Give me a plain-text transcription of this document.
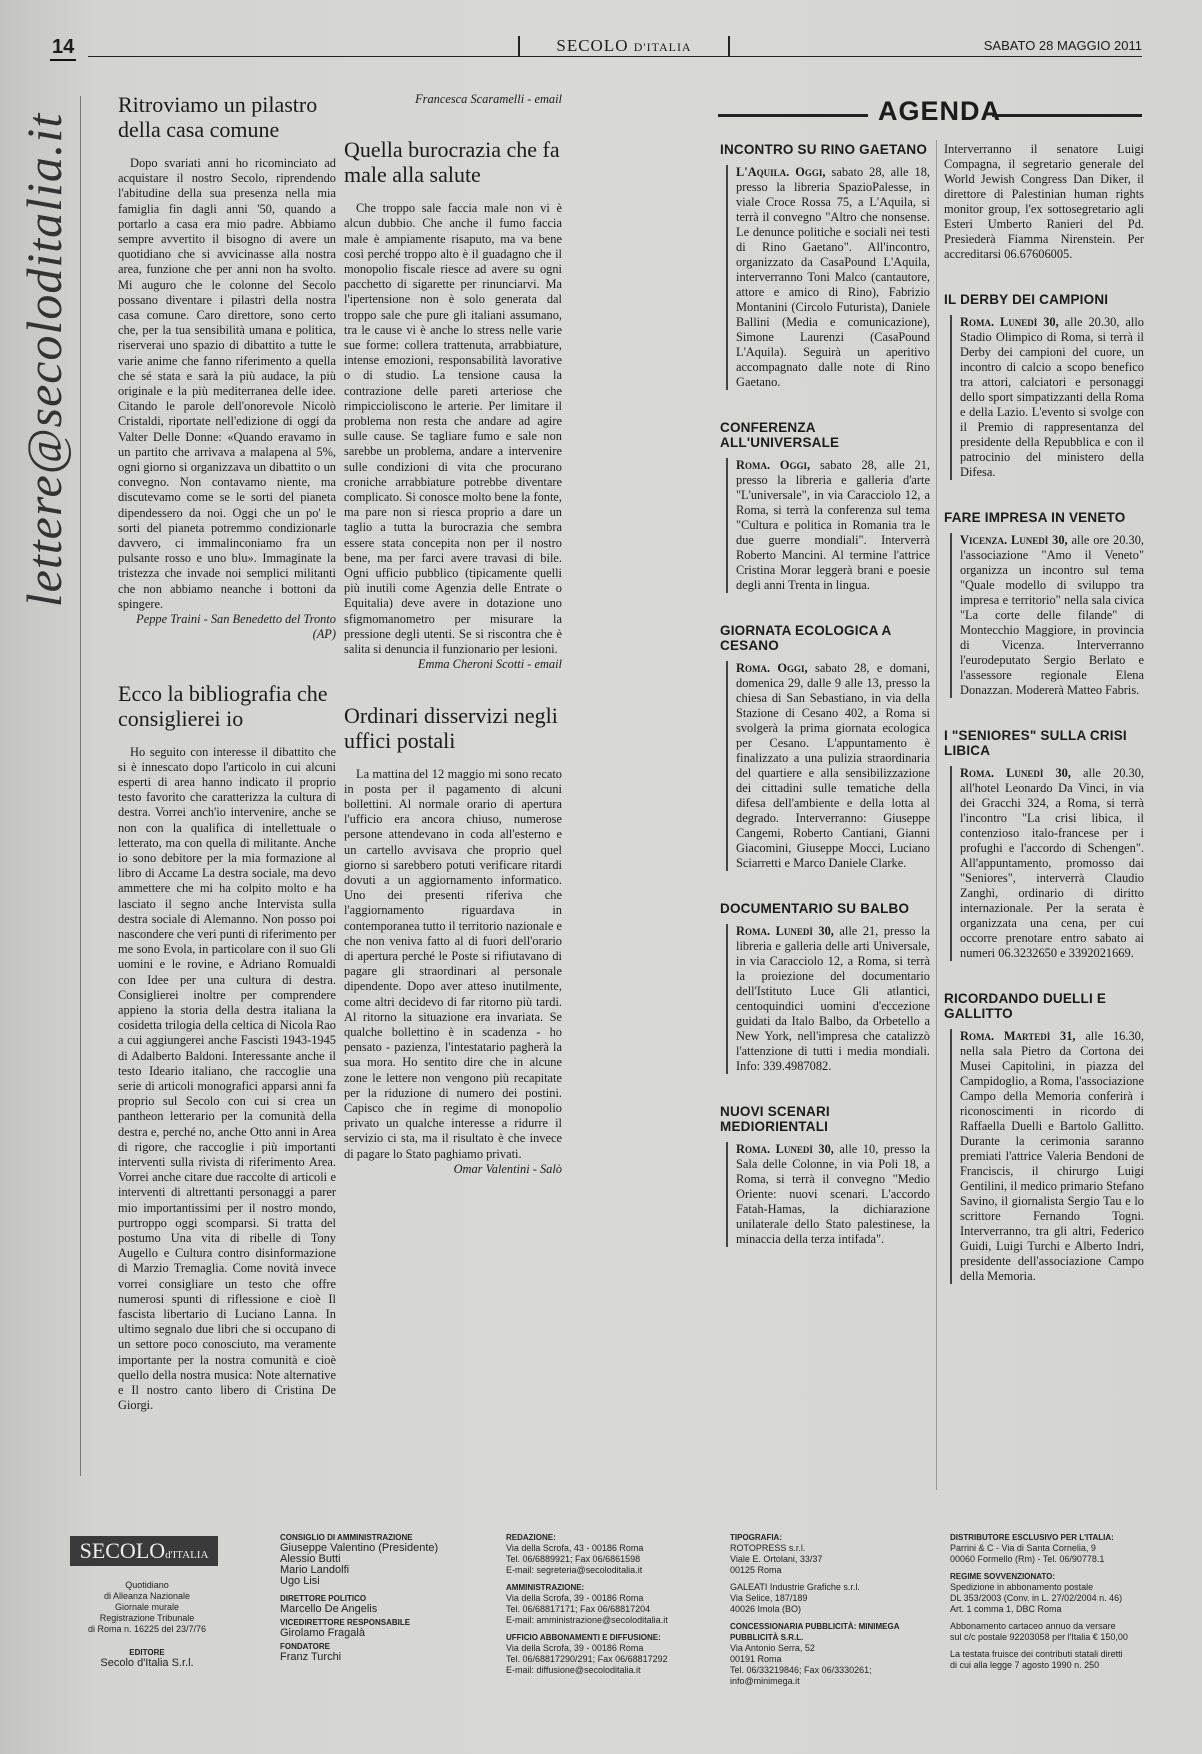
14	SECOLO D'ITALIA	SABATO 28 MAGGIO 2011
lettere@secoloditalia.it
Ritroviamo un pilastro della casa comune

Dopo svariati anni ho ricominciato ad acquistare il nostro Secolo, riprendendo l'abitudine della sua presenza nella mia famiglia fin dagli anni '50, quando a portarlo a casa era mio padre. Abbiamo sempre avvertito il bisogno di avere un quotidiano che si avvicinasse alla nostra area, funzione che per anni non ha svolto. Mi auguro che le colonne del Secolo possano diventare i pilastri della nostra casa comune. Caro direttore, sono certo che, per la tua sensibilità umana e politica, riserverai uno spazio di dibattito a tutte le varie anime che fanno riferimento a quella che sé stata e sarà la più audace, la più originale e la più mediterranea delle idee. Citando le parole dell'onorevole Nicolò Cristaldi, riportate nell'edizione di oggi da Valter Delle Donne: «Quando eravamo in un partito che arrivava a malapena al 5%, ogni giorno si organizzava un dibattito o un convegno. Non contavamo niente, ma discutevamo come se le sorti del pianeta dipendessero da noi. Oggi che un po' le sorti del pianeta potremmo condizionarle davvero, ci immalinconiamo fra un pulsante rosso e uno blu». Immaginate la tristezza che invade noi semplici militanti che non abbiamo neanche i bottoni da spingere.

Peppe Traini - San Benedetto del Tronto (AP)

Ecco la bibliografia che consiglierei io

Ho seguito con interesse il dibattito che si è innescato dopo l'articolo in cui alcuni esperti di area hanno indicato il proprio testo favorito che caratterizza la cultura di destra. Vorrei anch'io intervenire, anche se non con la qualifica di intellettuale o letterato, ma con quella di militante. Anche io sono debitore per la mia formazione al libro di Accame La destra sociale, ma devo ammettere che mi ha colpito molto e ha lasciato il segno anche Intervista sulla destra sociale di Alemanno. Non posso poi nascondere che veri punti di riferimento per me sono Evola, in particolare con il suo Gli uomini e le rovine, e Adriano Romualdi con Idee per una cultura di destra. Consiglierei inoltre per comprendere appieno la storia della destra italiana la cosidetta trilogia della celtica di Nicola Rao a cui aggiungerei anche Fascisti 1943-1945 di Adalberto Baldoni. Interessante anche il testo Ideario italiano, che raccoglie una serie di articoli monografici apparsi anni fa proprio sul Secolo con cui si crea un pantheon letterario per la comunità della destra e, perché no, anche Otto anni in Area di rigore, che raccoglie i più importanti interventi sulla rivista di riferimento Area. Vorrei anche citare due raccolte di articoli e interventi di altrettanti personaggi a parer mio importantissimi per il nostro mondo, purtroppo oggi scomparsi. Si tratta del postumo Una vita di ribelle di Tony Augello e Cultura contro disinformazione di Marzio Tremaglia. Come novità invece vorrei consigliare un testo che offre numerosi spunti di riflessione e cioè Il fascista libertario di Luciano Lanna. In ultimo segnalo due libri che si occupano di un settore poco conosciuto, ma veramente importante per la nostra comunità e cioè quello della nostra musica: Note alternative e Il nostro canto libero di Cristina De Giorgi.

Francesca Scaramelli - email

Quella burocrazia che fa male alla salute

Che troppo sale faccia male non vi è alcun dubbio. Che anche il fumo faccia male è ampiamente risaputo, ma va bene così perché troppo alto è il guadagno che il monopolio fiscale riesce ad avere su ogni pacchetto di sigarette per rinunciarvi. Ma l'ipertensione non è solo generata dal troppo sale che pure gli italiani assumano, tra le cause vi è anche lo stress nelle varie sue forme: collera trattenuta, arrabbiature, intense emozioni, responsabilità lavorative o di studio. La tensione causa la contrazione delle pareti arteriose che rimpiccioliscono le arterie. Per limitare il problema non resta che andare ad agire sulle cause. Se tagliare fumo e sale non sarebbe un problema, andare a intervenire sulle condizioni di vita che procurano croniche arrabbiature potrebbe diventare complicato. Si conosce molto bene la fonte, ma pare non si riesca proprio a dare un taglio a tutta la burocrazia che sembra essere stata concepita non per il nostro bene, ma per farci avere travasi di bile. Ogni ufficio pubblico (tipicamente quelli più inutili come Agenzia delle Entrate o Equitalia) deve avere in dotazione uno sfigmomanometro per misurare la pressione degli utenti. Se si riscontra che è salita si denuncia il funzionario per lesioni.

Emma Cheroni Scotti - email

Ordinari disservizi negli uffici postali

La mattina del 12 maggio mi sono recato in posta per il pagamento di alcuni bollettini. Al normale orario di apertura l'ufficio era ancora chiuso, numerose persone attendevano in coda all'esterno e un cartello avvisava che proprio quel giorno si sarebbero potuti verificare ritardi dovuti a un aggiornamento informatico. Uno dei presenti riferiva che l'aggiornamento riguardava in contemporanea tutto il territorio nazionale e che non veniva fatto al di fuori dell'orario di apertura perché le Poste si rifiutavano di pagare gli straordinari al personale dipendente. Dopo aver atteso inutilmente, come altri decidevo di far ritorno più tardi. Al ritorno la situazione era invariata. Se qualche bollettino è in scadenza - ho pensato - pazienza, l'intestatario pagherà la sua mora. Ho sentito dire che in alcune zone le lettere non vengono più recapitate per la riduzione di numero dei postini. Capisco che in regime di monopolio privato un qualche interesse a ridurre il servizio ci sta, ma il risultato è che invece di pagare lo Stato paghiamo privati.

Omar Valentini - Salò

AGENDA
INCONTRO SU RINO GAETANO
L'Aquila. Oggi, sabato 28, alle 18, presso la libreria SpazioPalesse, in viale Croce Rossa 75, a L'Aquila, si terrà il convegno "Altro che nonsense. Le denunce politiche e sociali nei testi di Rino Gaetano". All'incontro, organizzato da CasaPound L'Aquila, interverranno Toni Malco (cantautore, attore e amico di Rino), Fabrizio Montanini (Circolo Futurista), Daniele Ballini (Media e comunicazione), Simone Laurenzi (CasaPound L'Aquila). Seguirà un aperitivo accompagnato dalle note di Rino Gaetano.
CONFERENZA ALL'UNIVERSALE
Roma. Oggi, sabato 28, alle 21, presso la libreria e galleria d'arte "L'universale", in via Caracciolo 12, a Roma, si terrà la conferenza sul tema "Cultura e politica in Romania tra le due guerre mondiali". Interverrà Roberto Mancini. Al termine l'attrice Cristina Morar leggerà brani e poesie degli anni Trenta in lingua.
GIORNATA ECOLOGICA A CESANO
Roma. Oggi, sabato 28, e domani, domenica 29, dalle 9 alle 13, presso la chiesa di San Sebastiano, in via della Stazione di Cesano 402, a Roma si svolgerà la prima giornata ecologica per Cesano. L'appuntamento è finalizzato a una pulizia straordinaria del quartiere e alla sensibilizzazione dei cittadini sulle tematiche della difesa dell'ambiente e della lotta al degrado. Interverranno: Giuseppe Cangemi, Roberto Cantiani, Gianni Giacomini, Giuseppe Mocci, Luciano Sciarretti e Marco Daniele Clarke.
DOCUMENTARIO SU BALBO
Roma. Lunedì 30, alle 21, presso la libreria e galleria delle arti Universale, in via Caracciolo 12, a Roma, si terrà la proiezione del documentario dell'Istituto Luce Gli atlantici, centoquindici uomini d'eccezione guidati da Italo Balbo, da Orbetello a New York, nell'impresa che catalizzò l'attenzione di tutti i media mondiali. Info: 339.4987082.
NUOVI SCENARI MEDIORIENTALI
Roma. Lunedì 30, alle 10, presso la Sala delle Colonne, in via Poli 18, a Roma, si terrà il convegno "Medio Oriente: nuovi scenari. L'accordo Fatah-Hamas, la dichiarazione unilaterale dello Stato palestinese, la minaccia della terza intifada".
Interverranno il senatore Luigi Compagna, il segretario generale del World Jewish Congress Dan Diker, il direttore di Palestinian human rights monitor group, l'ex sottosegretario agli Esteri Umberto Ranieri del Pd. Presiederà Fiamma Nirenstein. Per accreditarsi 06.67606005.
IL DERBY DEI CAMPIONI
Roma. Lunedì 30, alle 20.30, allo Stadio Olimpico di Roma, si terrà il Derby dei campioni del cuore, un incontro di calcio a scopo benefico tra attori, calciatori e personaggi dello sport simpatizzanti della Roma e della Lazio. L'evento si svolge con il Premio di rappresentanza del presidente della Repubblica e con il patrocinio del ministero della Difesa.
FARE IMPRESA IN VENETO
Vicenza. Lunedì 30, alle ore 20.30, l'associazione "Amo il Veneto" organizza un incontro sul tema "Quale modello di sviluppo tra impresa e territorio" nella sala civica "La corte delle filande" di Montecchio Maggiore, in provincia di Vicenza. Interverranno l'eurodeputato Sergio Berlato e l'assessore regionale Elena Donazzan. Modererà Matteo Fabris.
I "SENIORES" SULLA CRISI LIBICA
Roma. Lunedì 30, alle 20.30, all'hotel Leonardo Da Vinci, in via dei Gracchi 324, a Roma, si terrà l'incontro "La crisi libica, il contenzioso italo-francese per i profughi e l'accordo di Schengen". All'appuntamento, promosso dai "Seniores", interverrà Claudio Zanghì, ordinario di diritto internazionale. Per la serata è organizzata una cena, per cui occorre prenotare entro sabato ai numeri 06.3232650 e 3392021669.
RICORDANDO DUELLI E GALLITTO
Roma. Martedì 31, alle 16.30, nella sala Pietro da Cortona dei Musei Capitolini, in piazza del Campidoglio, a Roma, l'associazione Campo della Memoria conferirà i riconoscimenti in ricordo di Raffaella Duelli e Bartolo Gallitto. Durante la cerimonia saranno premiati l'attrice Valeria Bendoni de Franciscis, il chirurgo Luigi Gentilini, il medico primario Stefano Savino, il giornalista Sergio Tau e lo scrittore Fernando Togni. Interverranno, tra gli altri, Federico Guidi, Luigi Turchi e Alberto Indri, presidente dell'associazione Campo della Memoria.
SECOLOd'ITALIA
Quotidiano
di Alleanza Nazionale
Giornale murale
Registrazione Tribunale
di Roma n. 16225 del 23/7/76
EDITORE
Secolo d'Italia S.r.l.
CONSIGLIO DI AMMINISTRAZIONE
Giuseppe Valentino (Presidente)
Alessio Butti
Mario Landolfi
Ugo Lisi
DIRETTORE POLITICO
Marcello De Angelis
VICEDIRETTORE RESPONSABILE
Girolamo Fragalà
FONDATORE
Franz Turchi
REDAZIONE:
Via della Scrofa, 43 - 00186 Roma
Tel. 06/6889921; Fax 06/6861598
E-mail: segreteria@secoloditalia.it
AMMINISTRAZIONE:
Via della Scrofa, 39 - 00186 Roma
Tel. 06/68817171; Fax 06/68817204
E-mail: amministrazione@secoloditalia.it
UFFICIO ABBONAMENTI E DIFFUSIONE:
Via della Scrofa, 39 - 00186 Roma
Tel. 06/68817290/291; Fax 06/68817292
E-mail: diffusione@secoloditalia.it
TIPOGRAFIA:
ROTOPRESS s.r.l.
Viale E. Ortolani, 33/37
00125 Roma
GALEATI Industrie Grafiche s.r.l.
Via Selice, 187/189
40026 Imola (BO)
CONCESSIONARIA PUBBLICITÀ: MINIMEGA PUBBLICITÀ S.R.L.
Via Antonio Serra, 52
00191 Roma
Tel. 06/33219846; Fax 06/3330261;
info@minimega.it
DISTRIBUTORE ESCLUSIVO PER L'ITALIA:
Parrini & C - Via di Santa Cornelia, 9
00060 Formello (Rm) - Tel. 06/90778.1
REGIME SOVVENZIONATO:
Spedizione in abbonamento postale
DL 353/2003 (Conv. in L. 27/02/2004 n. 46)
Art. 1 comma 1, DBC Roma
Abbonamento cartaceo annuo da versare
sul c/c postale 92203058 per l'Italia € 150,00
La testata fruisce dei contributi statali diretti
di cui alla legge 7 agosto 1990 n. 250
